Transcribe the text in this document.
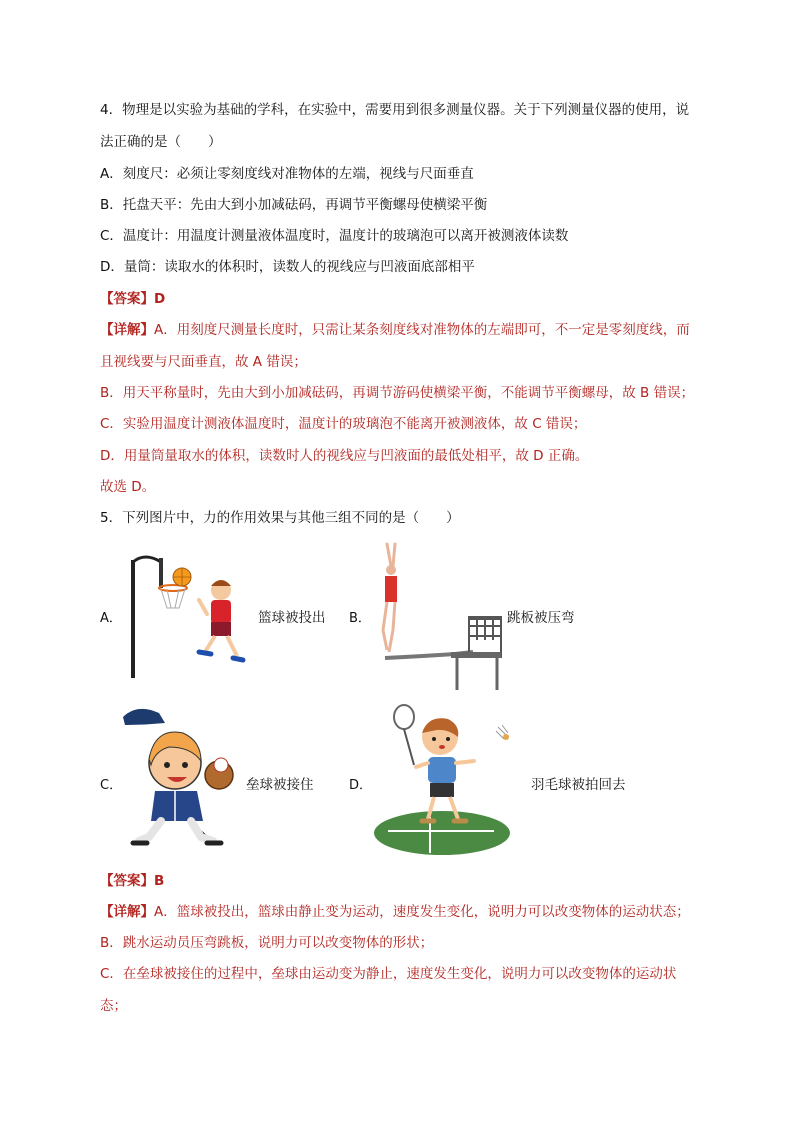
4．物理是以实验为基础的学科，在实验中，需要用到很多测量仪器。关于下列测量仪器的使用，说
法正确的是（　　）
A．刻度尺：必须让零刻度线对准物体的左端，视线与尺面垂直
B．托盘天平：先由大到小加减砝码，再调节平衡螺母使横梁平衡
C．温度计：用温度计测量液体温度时，温度计的玻璃泡可以离开被测液体读数
D．量筒：读取水的体积时，读数人的视线应与凹液面底部相平
【答案】D
【详解】A．用刻度尺测量长度时，只需让某条刻度线对准物体的左端即可，不一定是零刻度线，而
且视线要与尺面垂直，故 A 错误；
B．用天平称量时，先由大到小加减砝码，再调节游码使横梁平衡，不能调节平衡螺母，故 B 错误；
C．实验用温度计测液体温度时，温度计的玻璃泡不能离开被测液体，故 C 错误；
D．用量筒量取水的体积，读数时人的视线应与凹液面的最低处相平，故 D 正确。
故选 D。
5．下列图片中，力的作用效果与其他三组不同的是（　　）
A．	篮球被投出 B．	跳板被压弯
C．	垒球被接住	D．	羽毛球被拍回去
【答案】B
【详解】A．篮球被投出，篮球由静止变为运动，速度发生变化，说明力可以改变物体的运动状态；
B．跳水运动员压弯跳板，说明力可以改变物体的形状；
C．在垒球被接住的过程中，垒球由运动变为静止，速度发生变化，说明力可以改变物体的运动状
态；
